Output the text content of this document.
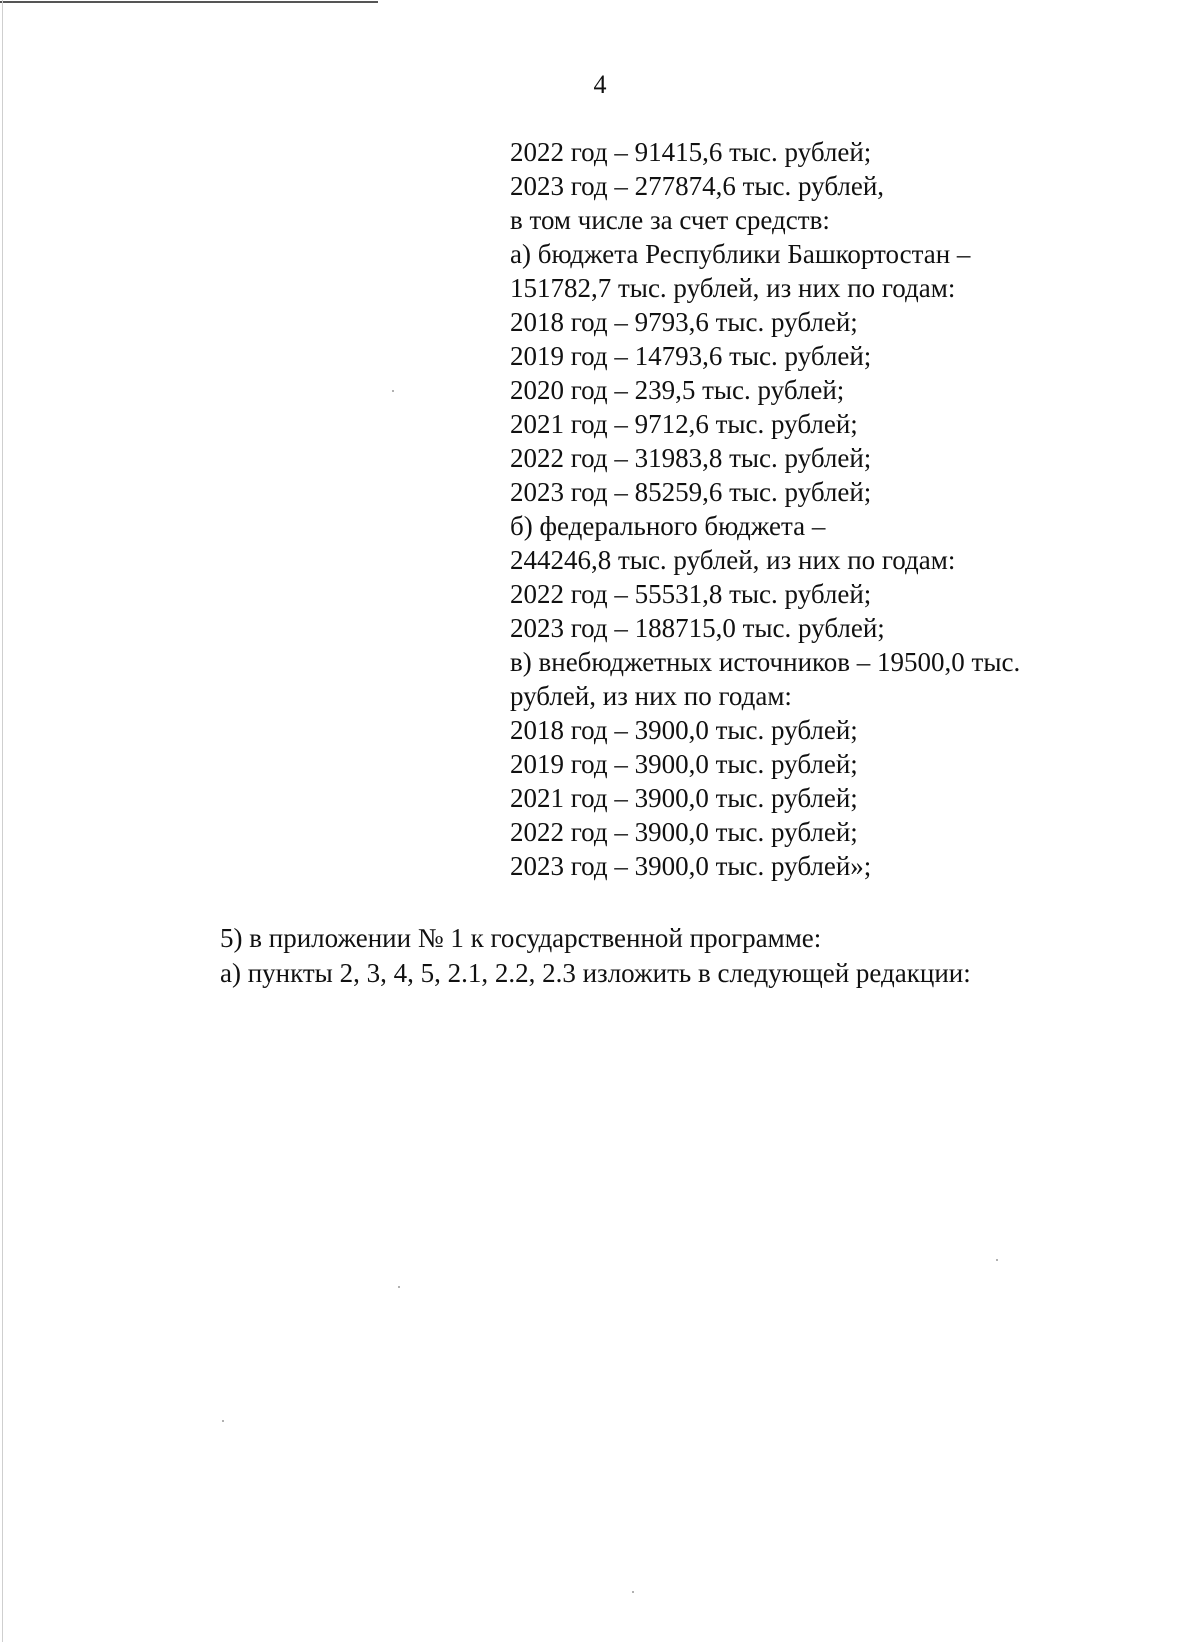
4
2022 год – 91415,6 тыс. рублей;
2023 год – 277874,6 тыс. рублей,
в том числе за счет средств:
а) бюджета Республики Башкортостан –
151782,7 тыс. рублей, из них по годам:
2018 год – 9793,6 тыс. рублей;
2019 год – 14793,6 тыс. рублей;
2020 год – 239,5 тыс. рублей;
2021 год – 9712,6 тыс. рублей;
2022 год – 31983,8 тыс. рублей;
2023 год – 85259,6 тыс. рублей;
б) федерального бюджета –
244246,8 тыс. рублей, из них по годам:
2022 год – 55531,8 тыс. рублей;
2023 год – 188715,0 тыс. рублей;
в) внебюджетных источников – 19500,0 тыс.
рублей, из них по годам:
2018 год – 3900,0 тыс. рублей;
2019 год – 3900,0 тыс. рублей;
2021 год – 3900,0 тыс. рублей;
2022 год – 3900,0 тыс. рублей;
2023 год – 3900,0 тыс. рублей»;
5) в приложении № 1 к государственной программе:
а) пункты 2, 3, 4, 5, 2.1, 2.2, 2.3 изложить в следующей редакции:
